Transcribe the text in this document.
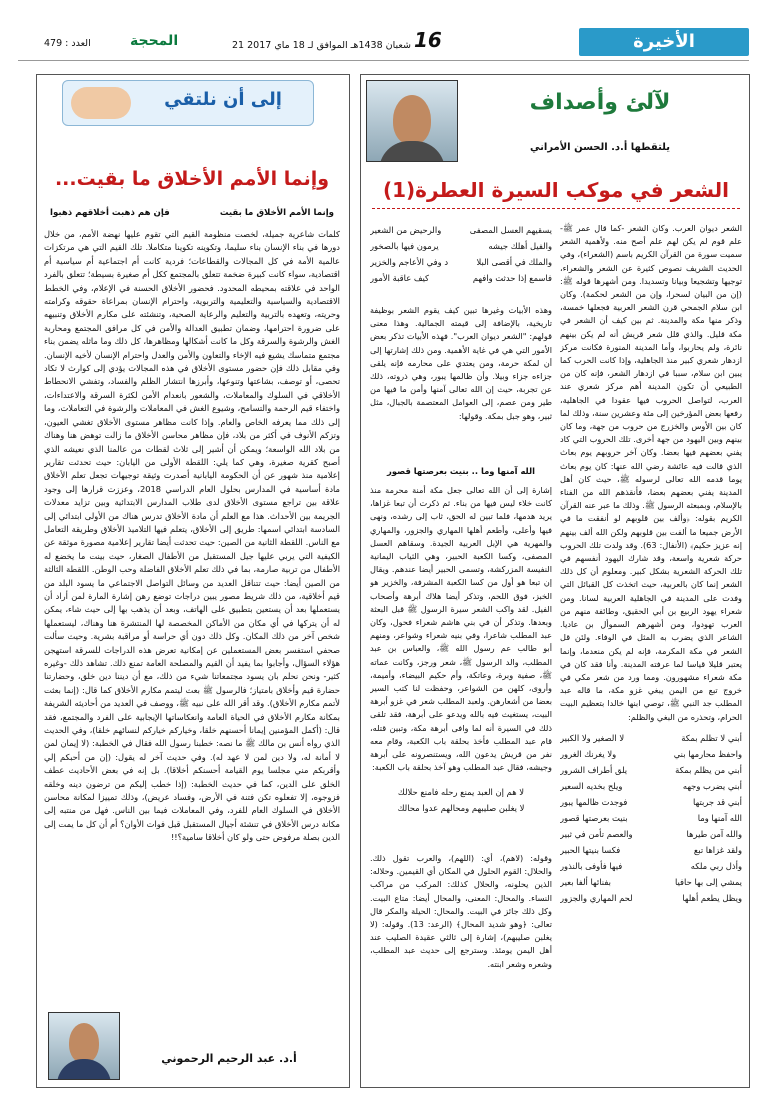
الأخيرة
16
21 شعبان 1438هـ الموافق لـ 18 ماي 2017
المحجة
العدد : 479
لآلئ وأصداف
يلتقطها أ.د. الحسن الأمراني
الشعر في موكب السيرة العطرة(1)

الشعر ديوان العرب. وكان الشعر -كما قال عمر ﷺ- علم قوم لم يكن لهم علم أصح منه. ولأهمية الشعر سميت سورة من القرآن الكريم باسم (الشعراء)، وفي الحديث الشريف نصوص كثيرة عن الشعر والشعراء، توجيها وتشجيعا وبيانا وتسديدا. ومن أشهرها قوله ﷺ: (إن من البيان لسحرا، وإن من الشعر لحكمة). وكان ابن سلام الجمحي قرن الشعر العربية فجعلها خمسة، وذكر منها مكة والمدينة. ثم بين كيف أن الشعر في مكة قليل. والذي قلل شعر قريش أنه لم يكن بينهم نائرة، ولم يحاربوا، وأما المدينة المنورة فكانت مركز ازدهار شعري كبير منذ الجاهلية، وإذا كانت الحرب كما يبين ابن سلام، سببا في ازدهار الشعر، فإنه كان من الطبيعي أن تكون المدينة أهم مركز شعري عند العرب، لتواصل الحروب فيها عقودا في الجاهلية، رفعها بعض المؤرخين إلى مئة وعشرين سنة، وذلك لما كان بين الأوس والخزرج من حروب من جهة، وما كان بينهم وبين اليهود من جهة أخرى. تلك الحروب التي كاد يفني بعضهم فيها بعضا. وكان آخر حروبهم يوم بعاث الذي قالت فيه عائشة رضي الله عنها: كان يوم بعاث يوما قدمه الله تعالى لرسوله ﷺ، حيث كان أهل المدينة يفني بعضهم بعضا، فأنقذهم الله من الفناء بالإسلام، وبمبعثه الرسول ﷺ. وذلك ما عبر عنه القرآن الكريم بقوله: ﴿وألف بين قلوبهم لو أنفقت ما في الأرض جميعا ما ألفت بين قلوبهم ولكن الله ألف بينهم إنه عزيز حكيم﴾ (الأنفال: 63). وقد ولدت تلك الحروب حركة شعرية واسعة، وقد شارك اليهود أنفسهم في تلك الحركة الشعرية بشكل كبير. ومعلوم أن كل ذلك الشعر إنما كان بالعربية، حيث اتخذت كل القبائل التي وفدت على المدينة في الجاهلية العربية لسانا. ومن شعراء يهود الربيع بن أبي الحقيق، وطائفة منهم من العرب تهودوا، ومن أشهرهم السموأل بن عاديا. الشاعر الذي يضرب به المثل في الوفاء. ولئن قل الشعر في مكة المكرمة، فإنه لم يكن منعدما، وإنما يعتبر قليلا قياسا لما عرفته المدينة. وأنا فقد كان في مكة شعراء مشهورون. ومما ورد من شعر مكي في خروج تبع من اليمن يبغي غزو مكة، ما قاله عبد المطلب جد النبي ﷺ، توصي ابنها خالدا بتعظيم البيت الحرام، وتحذره من البغي والظلم:

أبني لا تظلم بمكة
لا الصغير ولا الكبير
واحفظ محارمها بني
ولا يغرنك الغرور
أبني من يظلم بمكة
يلق أطراف الشرور
أبني يضرب وجهه
ويلح بخديه السعير
أبني قد جربتها
فوجدت ظالمها يبور
الله آمنها وما
بنيت بعرصتها قصور
والله آمن طيرها
والعصم تأمن في ثبير
ولقد غزاها تبع
فكسا بنيتها الحبير
وأذل ربي ملكه
فيها فأوفى بالنذور
يمشي إلى بها حافيا
بفنائها ألفا بعير
ويظل يطعم أهلها
لحم المهاري والجزور
يسقيهم العسل المصفى
والرحيض من الشعير
والفيل أهلك جيشه
يرمون فيها بالصخور
والملك في أقصى البلا
د وفي الأعاجم والخزير
فاسمع إذا حدثت وافهم
كيف عاقبة الأمور

وهذه الأبيات وغيرها تبين كيف يقوم الشعر بوظيفة تاريخية، بالإضافة إلى قيمته الجمالية. وهذا معنى قولهم: "الشعر ديوان العرب". فهذه الأبيات تذكر بعض الأمور التي هي في غاية الأهمية. ومن ذلك إشارتها إلى أن لمكة حرمة، ومن يعتدي على محارمه فإنه يلقى جزاءه جزاء وبيلا. وأن ظالمها يبور، وهي ذروته، ذلك عن تجربة، حيث إن الله تعالى آمنها وأمن ما فيها من طير ومن عصم، إلى العوامل المعتصمة بالجبال، مثل ثبير، وهو جبل بمكة. وقولها:

الله آمنها وما .. بنيت بعرصتها قصور

إشارة إلى أن الله تعالى جعل مكة أمنة محرمة منذ كانت خلاء ليس فيها من بناء. ثم ذكرت أن تبعا غزاها، يريد هدمها، فلما تبين له الحق، ثاب إلى رشده، ونهى فيها وأعلى، وأطعم أهلها المهاري والجزور، والمهاري والمهرية هي الإبل العربية الجيدة. وسقاهم العسل المصفى، وكسا الكعبة الحبير، وهي الثياب اليمانية النفيسة المزركشة، وتسمى الحبير أيضا عندهم. ويقال إن تبعا هو أول من كسا الكعبة المشرفة، والخزير هو الخبز، فوق اللحم، وتذكر أيضا هلاك أبرهة وأصحاب الفيل. لقد واكب الشعر سيرة الرسول ﷺ قبل البعثة وبعدها. وتذكر أن في بني هاشم شعراء فحول، وكان عبد المطلب شاعرا، وفي بنيه شعراء وشواعر، ومنهم أبو طالب عم رسول الله ﷺ، والعباس بن عبد المطلب، والد الرسول ﷺ، شعر ورجز، وكانت عماته ﷺ، صفية وبرة، وعاتكة، وأم حكيم البيضاء، وأميمة، وأروى، كلهن من الشواعر، وحفظت لنا كتب السير بعضا من أشعارهن. ولعبد المطلب شعر في غزو أبرهة البيت، يستغيث فيه بالله ويدعو على أبرهة، فقد تلقى ذلك في السيرة أنه لما وافى أبرهة مكة، وتبين قتله، قام عبد المطلب فأخذ بحلقة باب الكعبة، وقام معه نفر من قريش يدعون الله، ويستنصرونه على أبرهة وجيشه، فقال عبد المطلب وهو آخذ بحلقة باب الكعبة:

لا هم إن العبد يمنع رحله فامنع حلالك
لا يغلبن صليبهم ومحالهم عدوا محالك

وقوله: (لاهم)، أي: (اللهم)، والعرب تقول ذلك. والحلال: القوم الحلول في المكان أي القيمين. وحلاله: الذين يحلونه، والحلال كذلك: المركب من مراكب النساء. والمحال: المعنى، والمحال أيضا: متاع البيت. وكل ذلك جائز في البيت. والمحال: الحيلة والمكر قال تعالى: ﴿وهو شديد المحال﴾ (الرعد: 13). وقوله: (لا يغلبن صليبهم)، إشارة إلى ثالثي عقيدة الصليب عند أهل اليمن يومئذ. وسترجع إلى حديث عبد المطلب، وشعره وشعر ابنته.

إلى أن نلتقي
وإنما الأمم الأخلاق ما بقيت...
وإنما الأمم الأخلاق ما بقيت
فإن هم ذهبت أخلاقهم ذهبوا

كلمات شاعرية جميلة، لخصت منظومة القيم التي تقوم عليها نهضة الأمم، من خلال دورها في بناء الإنسان بناء سليما، وتكوينه تكوينا متكاملا. تلك القيم التي هي مرتكزات عالمية الأمة في كل المجالات والقطاعات؛ فردية كانت أم اجتماعية أم سياسية أم اقتصادية، سواء كانت كبيرة ضخمة تتعلق بالمجتمع ككل أم صغيرة بسيطة؛ تتعلق بالفرد الواحد في علاقته بمحيطه المحدود. فحضور الأخلاق الحسنة في الإعلام، وفي الخطط الاقتصادية والسياسية والتعليمية والتربوية، واحترام الإنسان بمراعاة حقوقه وكرامته وحريته، وتعهده بالتربية والتعليم والرعاية الصحية، وتنشئته على مكارم الأخلاق وتنبيهه على ضرورة احترامها، وضمان تطبيق العدالة والأمن في كل مرافق المجتمع ومحاربة الغش والرشوة والسرقة وكل ما كانت أشكالها ومظاهرها، كل ذلك وما ماثله يضمن بناء مجتمع متماسك يشيع فيه الإخاء والتعاون والأمن والعدل واحترام الإنسان لأخيه الإنسان. وفي مقابل ذلك فإن حضور مستوى الأخلاق في هذه المجالات يؤدي إلى كوارث لا تكاد تحصى، أو توصف، بشاعتها وتنوعها، وأبرزها انتشار الظلم والفساد، وتفشي الانحطاط الأخلاقي في السلوك والمعاملات، والشعور بانعدام الأمن لكثرة السرقة والاعتداءات، واختفاء قيم الرحمة والتسامح، وشيوع الغش في المعاملات والرشوة في التعاملات، وما إلى ذلك مما يعرفه الخاص والعام. وإذا كانت مظاهر مستوى الأخلاق تغشي العيون، وتزكم الأنوف في أكثر من بلاد، فإن مظاهر محاسن الأخلاق ما زالت توهض هنا وهناك من بلاد الله الواسعة؛ ويمكن أن أشير إلى ثلاث لقطات من عالمنا الذي نعيشه الذي أصبح كقرية صغيرة، وهي كما يلي: اللقطة الأولى من اليابان: حيث تحدثت تقارير إعلامية منذ شهور عن أن الحكومة اليابانية أصدرت وثيقة توجيهات تجعل تعلم الأخلاق مادة أساسية في المدارس بحلول العام الدراسي 2018، وعززت قرارها إلى وجود علاقة بين تراجع مستوى الأخلاق لدى طلاب المدارس الابتدائية وبين تزايد معدلات الجريمة بين الأحداث. هذا مع العلم أن مادة الأخلاق تدرس هناك من الأولى ابتدائي إلى السادسة ابتدائي اسمها: طريق إلى الأخلاق، يتعلم فيها التلاميذ الأخلاق وطريقة التعامل مع الناس. اللقطة الثانية من الصين: حيث تحدثت أيضا تقارير إعلامية مصورة موثقة عن الكيفية التي يربي عليها جيل المستقبل من الأطفال الصغار، حيث بينت ما يخضع له الأطفال من تربية صارمة، بما في ذلك تعلم الأخلاق الفاضلة وحب الوطن. اللقطة الثالثة من الصين أيضا: حيث تتناقل العديد من وسائل التواصل الاجتماعي ما يسود البلد من قيم أخلاقية، من ذلك شريط مصور يبين دراجات توضع رهن إشارة المارة لمن أراد أن يستعملها بعد أن يستعين بتطبيق على الهاتف، وبعد أن يذهب بها إلى حيث شاء، يمكن له أن يتركها في أي مكان من الأماكن المخصصة لها المنتشرة هنا وهناك، ليستعملها شخص آخر من ذلك المكان. وكل ذلك دون أي حراسة أو مراقبة بشرية. وحيث سألت صحفي استفسر بعض المستعملين عن إمكانية تعرض هذه الدراجات للسرقة استهجن هؤلاء السؤال، وأجابوا بما يفيد أن القيم والمصلحة العامة تمنع ذلك. تشاهد ذلك -وغيره كثير- ونحن نحلم بان يسود مجتمعاتنا شيء من ذلك، مع أن ديننا دين خلق، وحضارتنا حضارة قيم وأخلاق بامتياز؛ فالرسول ﷺ بعث ليتمم مكارم الأخلاق كما قال: (إنما بعثت لأتمم مكارم الأخلاق). وقد أقر الله على نبيه ﷺ، ووصف في العديد من أحاديثه الشريفة بمكانة مكارم الأخلاق في الحياة العامة وانعكاساتها الإيجابية على الفرد والمجتمع، فقد قال: (أكمل المؤمنين إيمانا أحسنهم خلقا، وخياركم خياركم لنسائهم خلقا)، وفي الحديث الذي رواه أنس بن مالك ﷺ ما نصه: خطبنا رسول الله فقال في الخطبة: (لا إيمان لمن لا أمانة له، ولا دين لمن لا عهد له). وفي حديث آخر له يقول: (إن من أحبكم إلي وأقربكم مني مجلسا يوم القيامة أحسنكم أخلاقا). بل إنه في بعض الأحاديث عطف الخلق على الدين، كما في حديث الخطبة: (إذا خطب إليكم من ترضون دينه وخلقه فزوجوه، إلا تفعلوه تكن فتنة في الأرض، وفساد عريض)، وذلك تمييزا لمكانة محاسن الأخلاق في السلوك العام للفرد، وفي المعاملات فيما بين الناس. فهل من منتبه إلى مكانة درس الأخلاق في تنشئة أجيال المستقبل قبل فوات الأوان؟ أم أن كل ما يمت إلى الدين بصلة مرفوض حتى ولو كان أخلاقا سامية؟!!

أ.د. عبد الرحيم الرحموني
